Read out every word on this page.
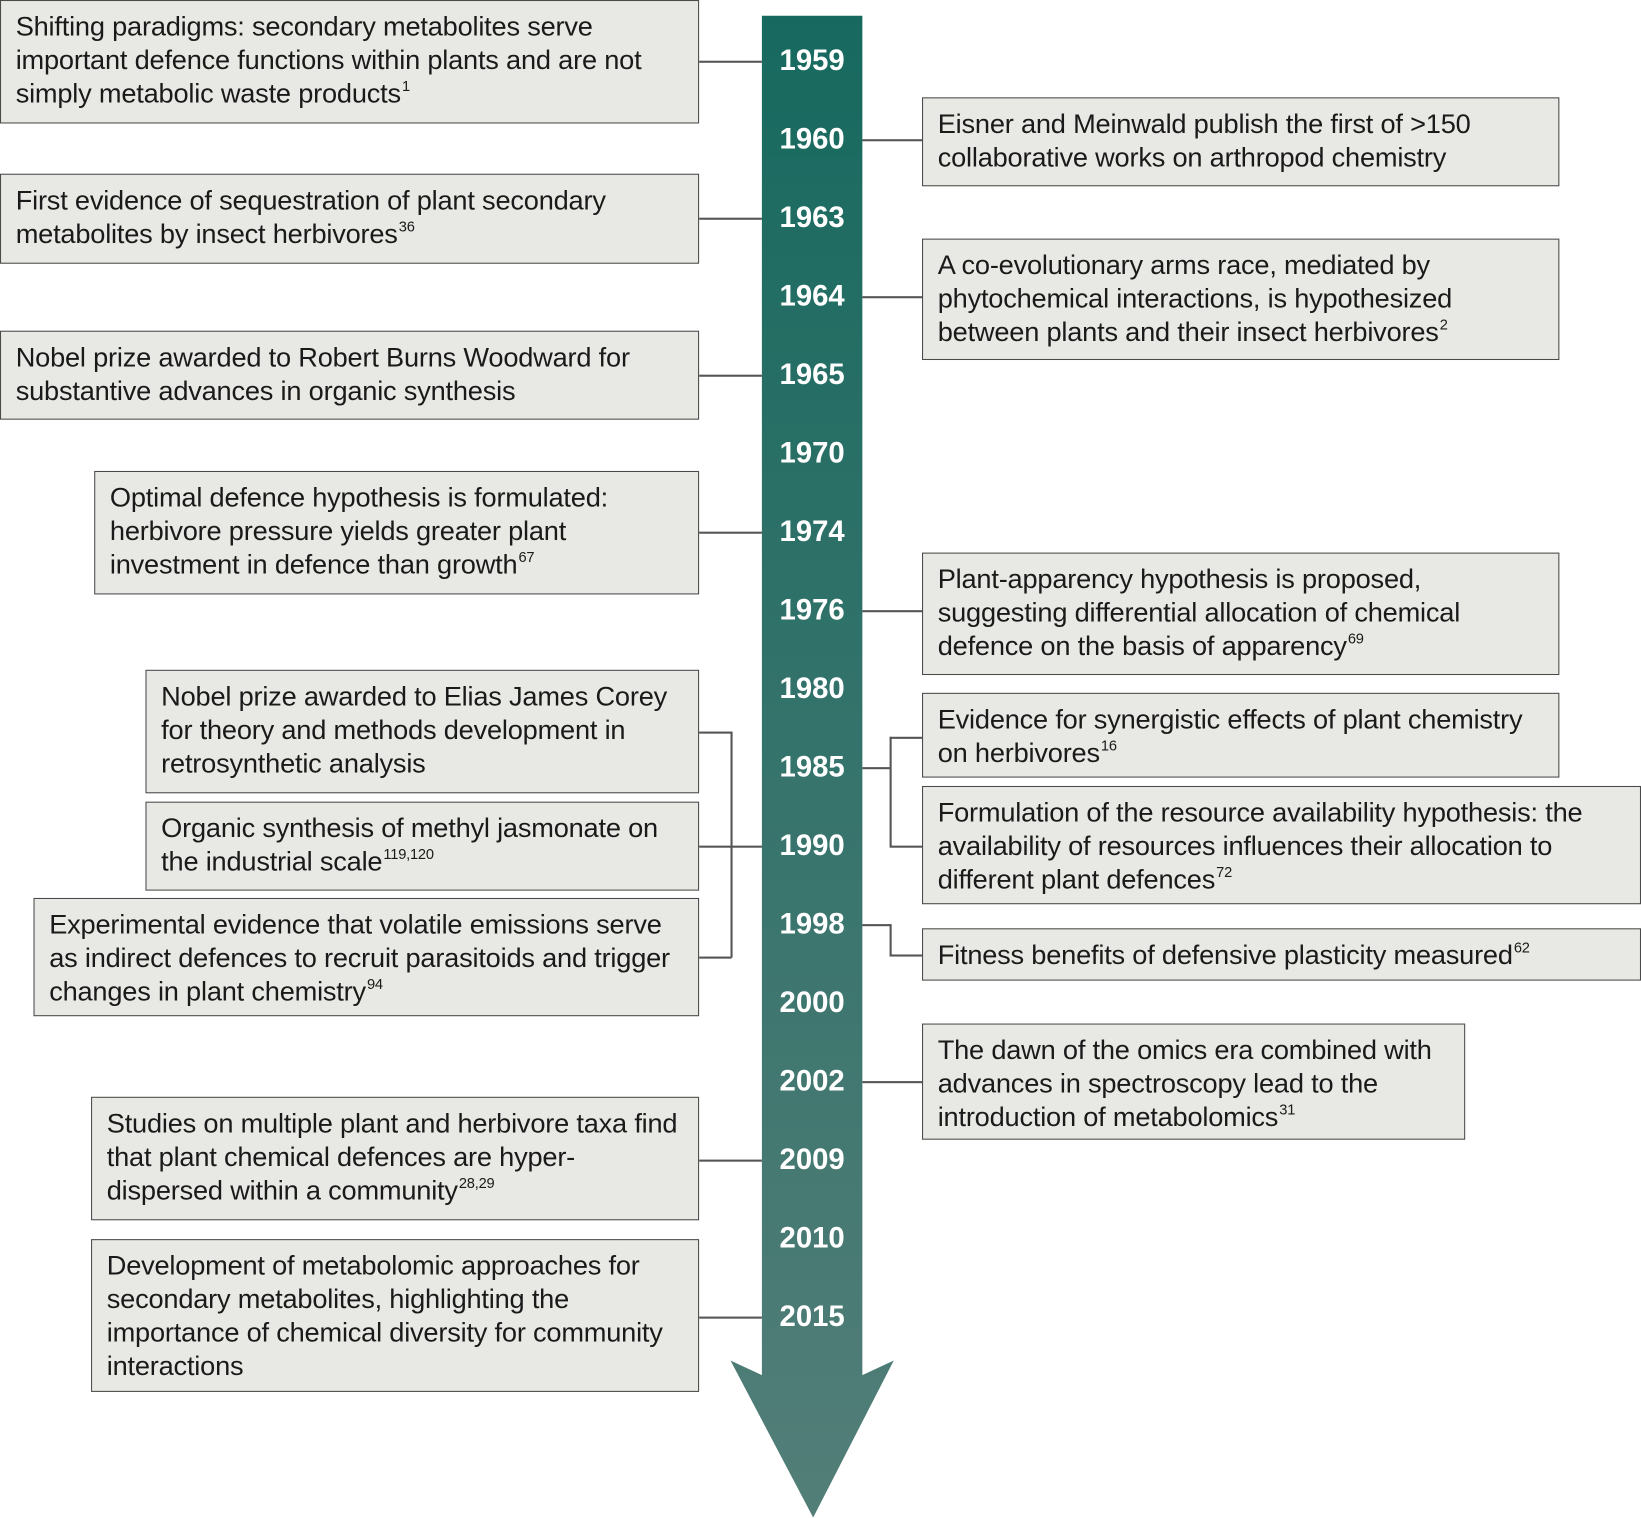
1959
1960
1963
1964
1965
1970
1974
1976
1980
1985
1990
1998
2000
2002
2009
2010
2015
Shifting paradigms: secondary metabolites serve important defence functions within plants and are not simply metabolic waste products$^1$
First evidence of sequestration of plant secondary metabolites by insect herbivores$^{36}$
Nobel prize awarded to Robert Burns Woodward for substantive advances in organic synthesis
Optimal defence hypothesis is formulated: herbivore pressure yields greater plant investment in defence than growth$^{67}$
Nobel prize awarded to Elias James Corey for theory and methods development in retrosynthetic analysis
Organic synthesis of methyl jasmonate on the industrial scale$^{119,120}$
Experimental evidence that volatile emissions serve as indirect defences to recruit parasitoids and trigger changes in plant chemistry$^{94}$
Studies on multiple plant and herbivore taxa find that plant chemical defences are hyper-dispersed within a community$^{28,29}$
Development of metabolomic approaches for secondary metabolites, highlighting the importance of chemical diversity for community interactions
Eisner and Meinwald publish the first of >150 collaborative works on arthropod chemistry
A co-evolutionary arms race, mediated by phytochemical interactions, is hypothesized between plants and their insect herbivores$^2$
Plant-apparency hypothesis is proposed, suggesting differential allocation of chemical defence on the basis of apparency$^{69}$
Evidence for synergistic effects of plant chemistry on herbivores$^{16}$
Formulation of the resource availability hypothesis: the availability of resources influences their allocation to different plant defences$^{72}$
Fitness benefits of defensive plasticity measured$^{62}$
The dawn of the omics era combined with advances in spectroscopy lead to the introduction of metabolomics$^{31}$
